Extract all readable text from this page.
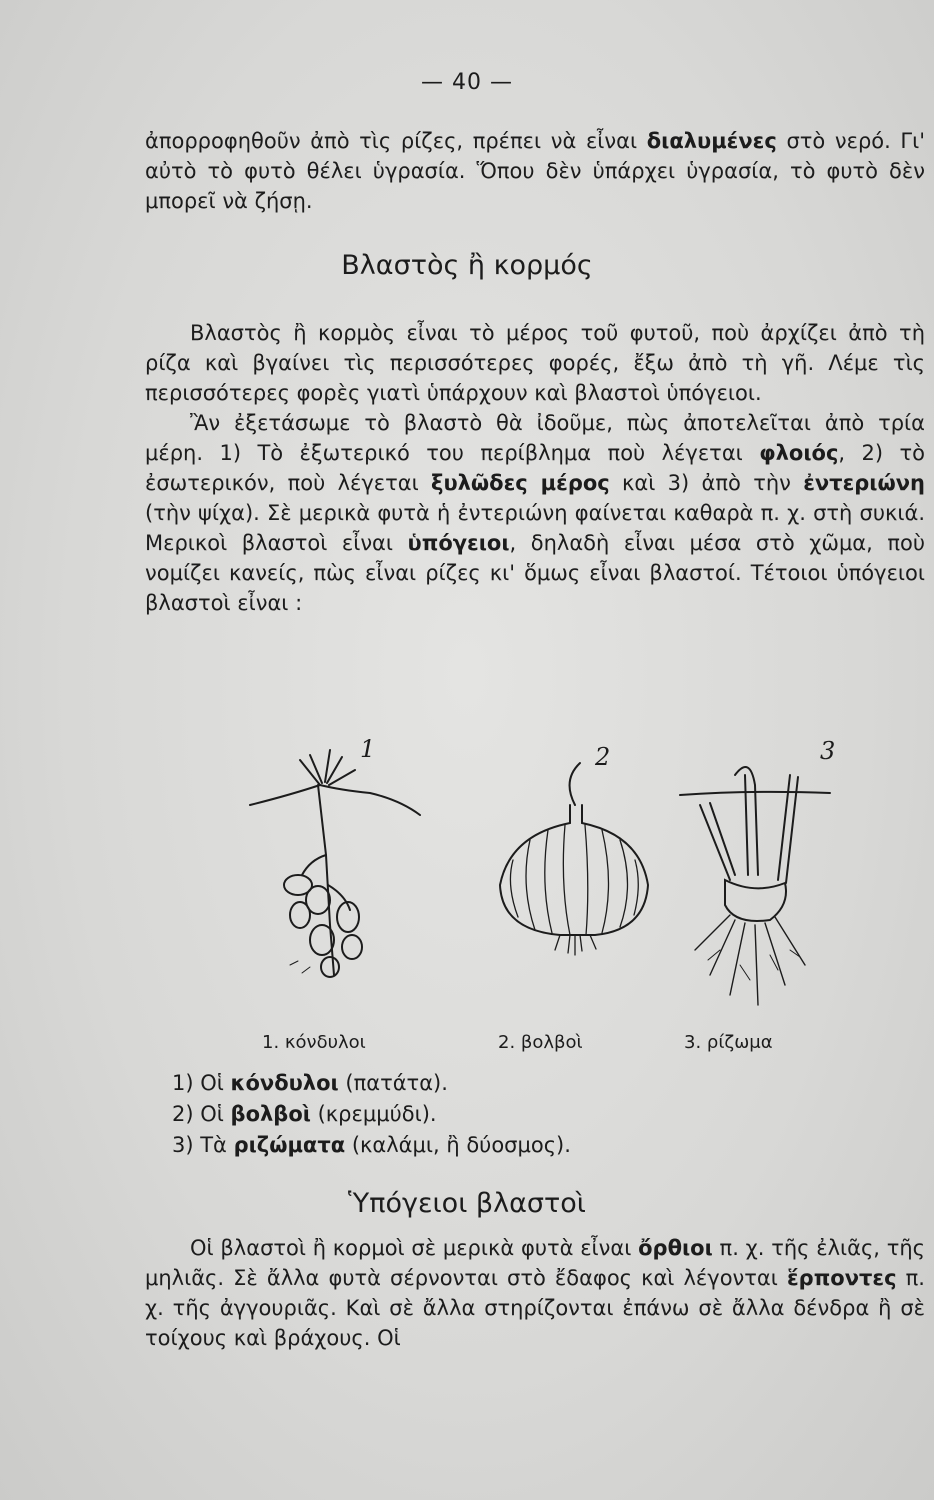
— 40 —

ἀπορροφηθοῦν ἀπὸ τὶς ρίζες, πρέπει νὰ εἶναι διαλυμένες στὸ νερό. Γι' αὐτὸ τὸ φυτὸ θέλει ὑγρασία. Ὅπου δὲν ὑπάρχει ὑγρασία, τὸ φυτὸ δὲν μπορεῖ νὰ ζήσῃ.

Βλαστὸς ἢ κορμός

Βλαστὸς ἢ κορμὸς εἶναι τὸ μέρος τοῦ φυτοῦ, ποὺ ἀρχίζει ἀπὸ τὴ ρίζα καὶ βγαίνει τὶς περισσότερες φορές, ἔξω ἀπὸ τὴ γῆ. Λέμε τὶς περισσότερες φορὲς γιατὶ ὑπάρχουν καὶ βλαστοὶ ὑπόγειοι.

Ἂν ἐξετάσωμε τὸ βλαστὸ θὰ ἰδοῦμε, πὼς ἀποτελεῖται ἀπὸ τρία μέρη. 1) Τὸ ἐξωτερικό του περίβλημα ποὺ λέγεται φλοιός, 2) τὸ ἐσωτερικόν, ποὺ λέγεται ξυλῶδες μέρος καὶ 3) ἀπὸ τὴν ἐντεριώνη (τὴν ψίχα). Σὲ μερικὰ φυτὰ ἡ ἐντεριώνη φαίνεται καθαρὰ π. χ. στὴ συκιά. Μερικοὶ βλαστοὶ εἶναι ὑπόγειοι, δηλαδὴ εἶναι μέσα στὸ χῶμα, ποὺ νομίζει κανείς, πὼς εἶναι ρίζες κι' ὅμως εἶναι βλαστοί. Τέτοιοι ὑπόγειοι βλαστοὶ εἶναι :

1	2	3
1. κόνδυλοι	2. βολβοὶ	3. ρίζωμα
1) Οἱ κόνδυλοι (πατάτα).
2) Οἱ βολβοὶ (κρεμμύδι).
3) Τὰ ριζώματα (καλάμι, ἢ δύοσμος).
Ὑπόγειοι βλαστοὶ

Οἱ βλαστοὶ ἢ κορμοὶ σὲ μερικὰ φυτὰ εἶναι ὄρθιοι π. χ. τῆς ἐλιᾶς, τῆς μηλιᾶς. Σὲ ἄλλα φυτὰ σέρνονται στὸ ἔδαφος καὶ λέγονται ἕρποντες π. χ. τῆς ἀγγουριᾶς. Καὶ σὲ ἄλλα στηρίζονται ἐπάνω σὲ ἄλλα δένδρα ἢ σὲ τοίχους καὶ βράχους. Οἱ
